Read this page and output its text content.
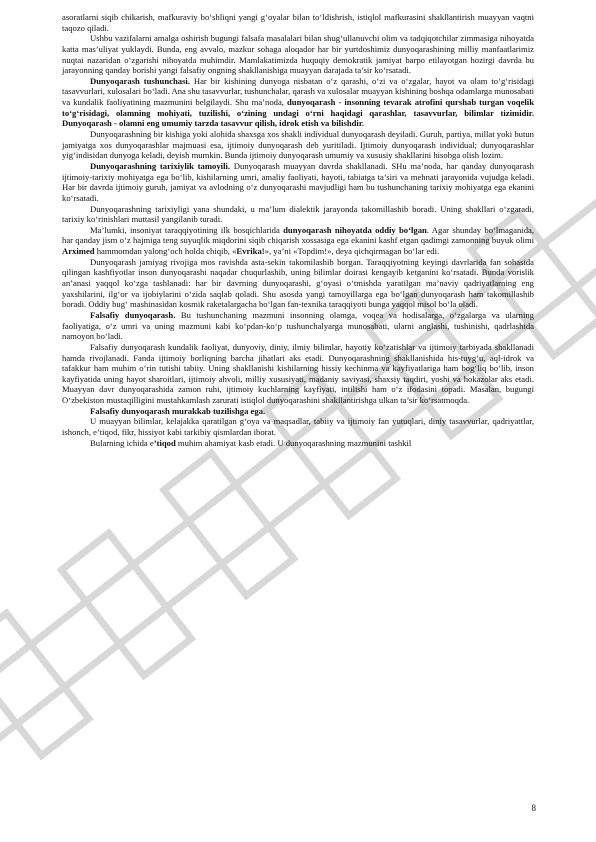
asoratlarni siqib chikarish, mafkuraviy bo‘shliqni yangi g‘oyalar bilan to‘ldishrish, istiqlol mafkurasini shakllantirish muayyan vaqtni taqozo qiladi.

Ushbu vazifalarni amalga oshirish bugungi falsafa masalalari bilan shug‘ullanuvchi olim va tadqiqotchilar zimmasiga nihoyatda katta mas’uliyat yuklaydi. Bunda, eng avvalo, mazkur sohaga aloqador har bir yurtdoshimiz dunyoqarashining milliy manfaatlarimiz nuqtai nazaridan o‘zgarishi nihoyatda muhimdir. Mamlakatimizda huquqiy demokratik jamiyat barpo etilayotgan hozirgi davrda bu jarayonning qanday borishi yangi falsafiy ongning shakllanishiga muayyan darajada ta’sir ko‘rsatadi.

Dunyoqarash tushunchasi. Har bir kishining dunyoga nisbatan o‘z qarashi, o‘zi va o‘zgalar, hayot va olam to‘g‘risidagi tasavvurlari, xulosalari bo‘ladi. Ana shu tasavvurlar, tushunchalar, qarash va xulosalar muayyan kishining boshqa odamlarga munosabati va kundalik faoliyatining mazmunini belgilaydi. Shu ma’noda, dunyoqarash - insonning tevarak atrofini qurshab turgan voqelik to‘g‘risidagi, olamning mohiyati, tuzilishi, o‘zining undagi o‘rni haqidagi qarashlar, tasavvurlar, bilimlar tizimidir. Dunyoqarash - olamni eng umumiy tarzda tasavvur qilish, idrok etish va bilishdir.

Dunyoqarashning bir kishiga yoki alohida shaxsga xos shakli individual dunyoqarash deyiladi. Guruh, partiya, millat yoki butun jamiyatga xos dunyoqarashlar majmuasi esa, ijtimoiy dunyoqarash deb yuritiladi. Ijtimoiy dunyoqarash individual; dunyoqarashlar yig‘indisidan dunyoga keladi, deyish mumkin. Bunda ijtimoiy dunyoqarash umumiy va xususiy shakllarini hisobga olish lozim.

Dunyoqarashning tarixiylik tamoyili. Dunyoqarash muayyan davrda shakllanadi. SHu ma’noda, har qanday dunyoqarash ijtimoiy-tarixiy mohiyatga ega bo‘lib, kishilarning umri, amaliy faoliyati, hayoti, tabiatga ta’siri va mehnati jarayonida vujudga keladi. Har bir davrda ijtimoiy guruh, jamiyat va avlodning o‘z dunyoqarashi mavjudligi ham bu tushunchaning tarixiy mohiyatga ega ekanini ko‘rsatadi.

Dunyoqarashning tarixiyligi yana shundaki, u ma’lum dialektik jarayonda takomillashib boradi. Uning shakllari o‘zgaradi, tarixiy ko‘rinishlari muttasil yangilanib turadi.

Ma’lumki, insoniyat taraqqiyotining ilk bosqichlarida dunyoqarash nihoyatda oddiy bo‘lgan. Agar shunday bo‘lmaganida, har qanday jism o‘z hajmiga teng suyuqlik miqdorini siqib chiqarish xossasiga ega ekanini kashf etgan qadimgi zamonning buyuk olimi Arximed hammomdan yalong‘och holda chiqib, «Evrika!», ya’ni «Topdim!», deya qichqirmagan bo‘lar edi.

Dunyoqarash jamiyag rivojiga mos ravishda asta-sekin takomilashib borgan. Taraqqiyotning keyingi davrlarida fan sohasida qilingan kashfiyotlar inson dunyoqarashi naqadar chuqurlashib, uning bilimlar doirasi kengayib ketganini ko‘rsatadi. Bunda vorislik an’anasi yaqqol ko‘zga tashlanadi: har bir davrning dunyoqarashi, g‘oyasi o‘tmishda yaratilgan ma’naviy qadriyatlarning eng yaxshilarini, ilg‘or va ijobiylarini o‘zida saqlab qoladi. Shu asosda yangi tamoyillarga ega bo‘lgan dunyoqarash ham takomillashib boradi. Oddiy bug‘ mashinasidan kosmik raketalargacha bo‘lgan fan-texnika taraqqiyoti bunga yaqqol misol bo‘la oladi.

Falsafiy dunyoqarash. Bu tushunchaning mazmuni insonning olamga, voqea va hodisalarga, o‘zgalarga va ularning faoliyatiga, o‘z umri va uning mazmuni kabi ko‘pdan-ko‘p tushunchalyarga munosabati, ularni anglashi, tushinishi, qadrlashida namoyon bo‘ladi.

Falsafiy dunyoqarash kundalik faoliyat, dunyoviy, diniy, ilmiy bilimlar, hayotiy ko‘zatishlar va ijtimoiy tarbiyada shakllanadi hamda rivojlanadi. Fanda ijtimoiy borliqning barcha jihatlari aks etadi. Dunyoqarashning shakllanishida his-tuyg‘u, aql-idrok va tafakkur ham muhim o‘rin tutishi tabiiy. Uning shakllanishi kishilarning hissiy kechinma va kayfiyatlariga ham bog‘liq bo‘lib, inson kayfiyatida uning hayot sharoitlari, ijtimoiy ahvoli, milliy xususiyati, madaniy saviyasi, shaxsiy taqdiri, yoshi va hokazolar aks etadi. Muayyan davr dunyoqarashida zamon ruhi, ijtimoiy kuchlarning kayfiyati, intilishi ham o‘z ifodasini topadi. Masalan, bugungi O‘zbekiston mustaqilligini mustahkamlash zarurati istiqlol dunyoqarashini shakllantirishga ulkan ta’sir ko‘rsatmoqda.

Falsafiy dunyoqarash murakkab tuzilishga ega.

U muayyan bilimlar, kelajakka qaratilgan g‘oya va maqsadlar, tabiiy va ijtimoiy fan yutuqlari, diniy tasavvurlar, qadriyattlar, ishonch, e’tiqod, fikr, hissiyot kabi tarkibiy qismlardan iborat.

Bularning ichida e’tiqod muhim ahamiyat kasb etadi. U dunyoqarashning mazmunini tashkil

8
